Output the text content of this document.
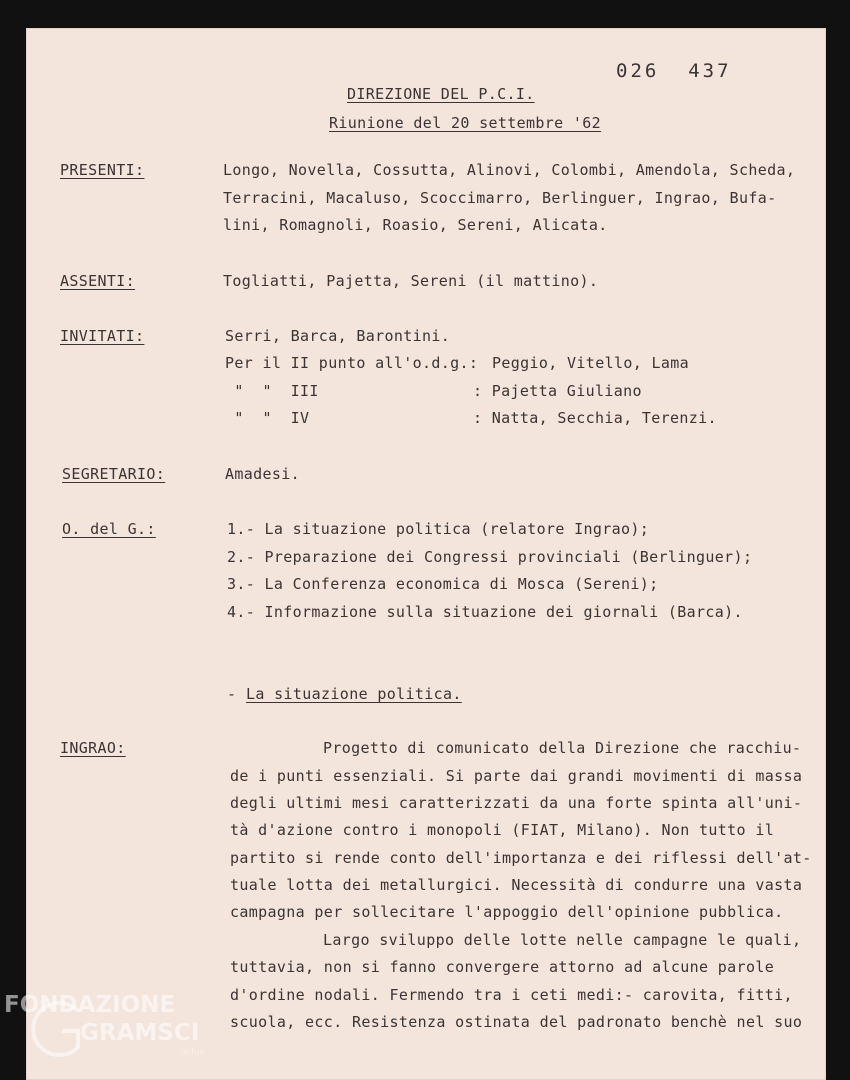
026  437
DIREZIONE DEL P.C.I.
Riunione del 20 settembre '62
PRESENTI:	Longo, Novella, Cossutta, Alinovi, Colombi, Amendola, Scheda,
Terracini, Macaluso, Scoccimarro, Berlinguer, Ingrao, Bufa-
lini, Romagnoli, Roasio, Sereni, Alicata.
ASSENTI:	Togliatti, Pajetta, Sereni (il mattino).
INVITATI:	Serri, Barca, Barontini.
Per il II punto all'o.d.g.: Peggio, Vitello, Lama
"  "  III	: Pajetta Giuliano
"  "  IV	: Natta, Secchia, Terenzi.
SEGRETARIO:	Amadesi.
O. del G.:	1.- La situazione politica (relatore Ingrao);
2.- Preparazione dei Congressi provinciali (Berlinguer);
3.- La Conferenza economica di Mosca (Sereni);
4.- Informazione sulla situazione dei giornali (Barca).
- La situazione politica.
INGRAO:	Progetto di comunicato della Direzione che racchiu-
de i punti essenziali. Si parte dai grandi movimenti di massa
degli ultimi mesi caratterizzati da una forte spinta all'uni-
tà d'azione contro i monopoli (FIAT, Milano). Non tutto il
partito si rende conto dell'importanza e dei riflessi dell'at-
tuale lotta dei metallurgici. Necessità di condurre una vasta
campagna per sollecitare l'appoggio dell'opinione pubblica.
Largo sviluppo delle lotte nelle campagne le quali,
tuttavia, non si fanno convergere attorno ad alcune parole
d'ordine nodali. Fermendo tra i ceti medi:- carovita, fitti,
scuola, ecc. Resistenza ostinata del padronato benchè nel suo
FONDAZIONE
GRAMSCI
onlus
